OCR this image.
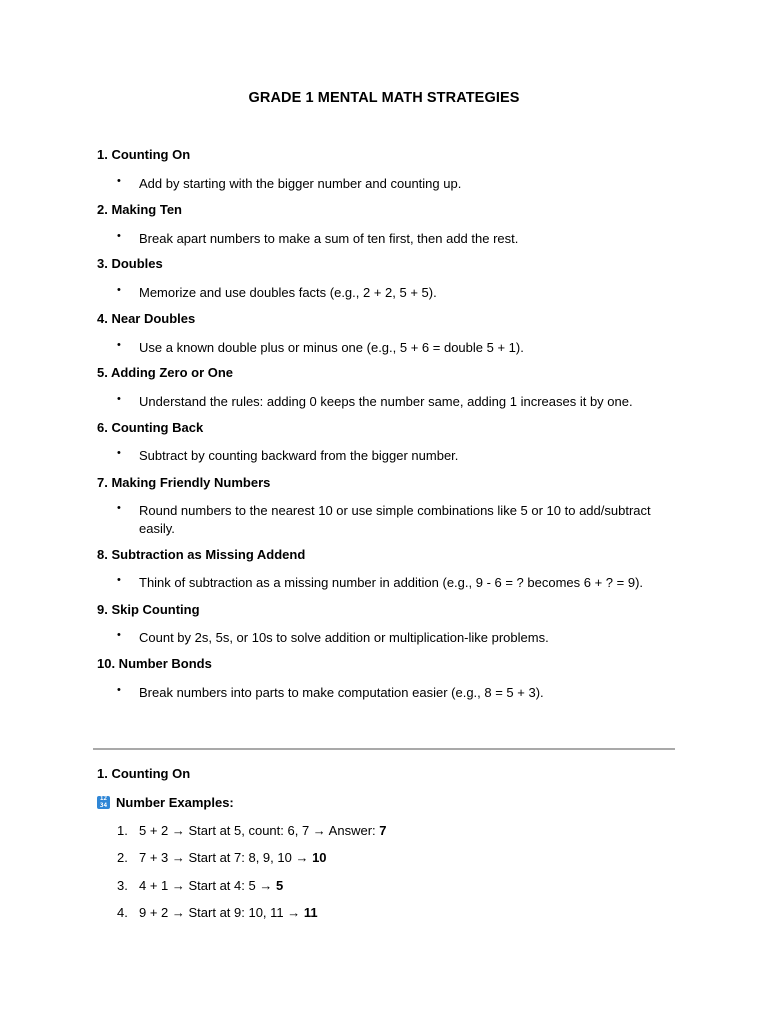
GRADE 1 MENTAL MATH STRATEGIES
1. Counting On
• Add by starting with the bigger number and counting up.
2. Making Ten
• Break apart numbers to make a sum of ten first, then add the rest.
3. Doubles
• Memorize and use doubles facts (e.g., 2 + 2, 5 + 5).
4. Near Doubles
• Use a known double plus or minus one (e.g., 5 + 6 = double 5 + 1).
5. Adding Zero or One
• Understand the rules: adding 0 keeps the number same, adding 1 increases it by one.
6. Counting Back
• Subtract by counting backward from the bigger number.
7. Making Friendly Numbers
• Round numbers to the nearest 10 or use simple combinations like 5 or 10 to add/subtract easily.
8. Subtraction as Missing Addend
• Think of subtraction as a missing number in addition (e.g., 9 - 6 = ? becomes 6 + ? = 9).
9. Skip Counting
• Count by 2s, 5s, or 10s to solve addition or multiplication-like problems.
10. Number Bonds
• Break numbers into parts to make computation easier (e.g., 8 = 5 + 3).
1. Counting On
12
34 Number Examples:
1. 5 + 2 → Start at 5, count: 6, 7 → Answer: 7
2. 7 + 3 → Start at 7: 8, 9, 10 → 10
3. 4 + 1 → Start at 4: 5 → 5
4. 9 + 2 → Start at 9: 10, 11 → 11
